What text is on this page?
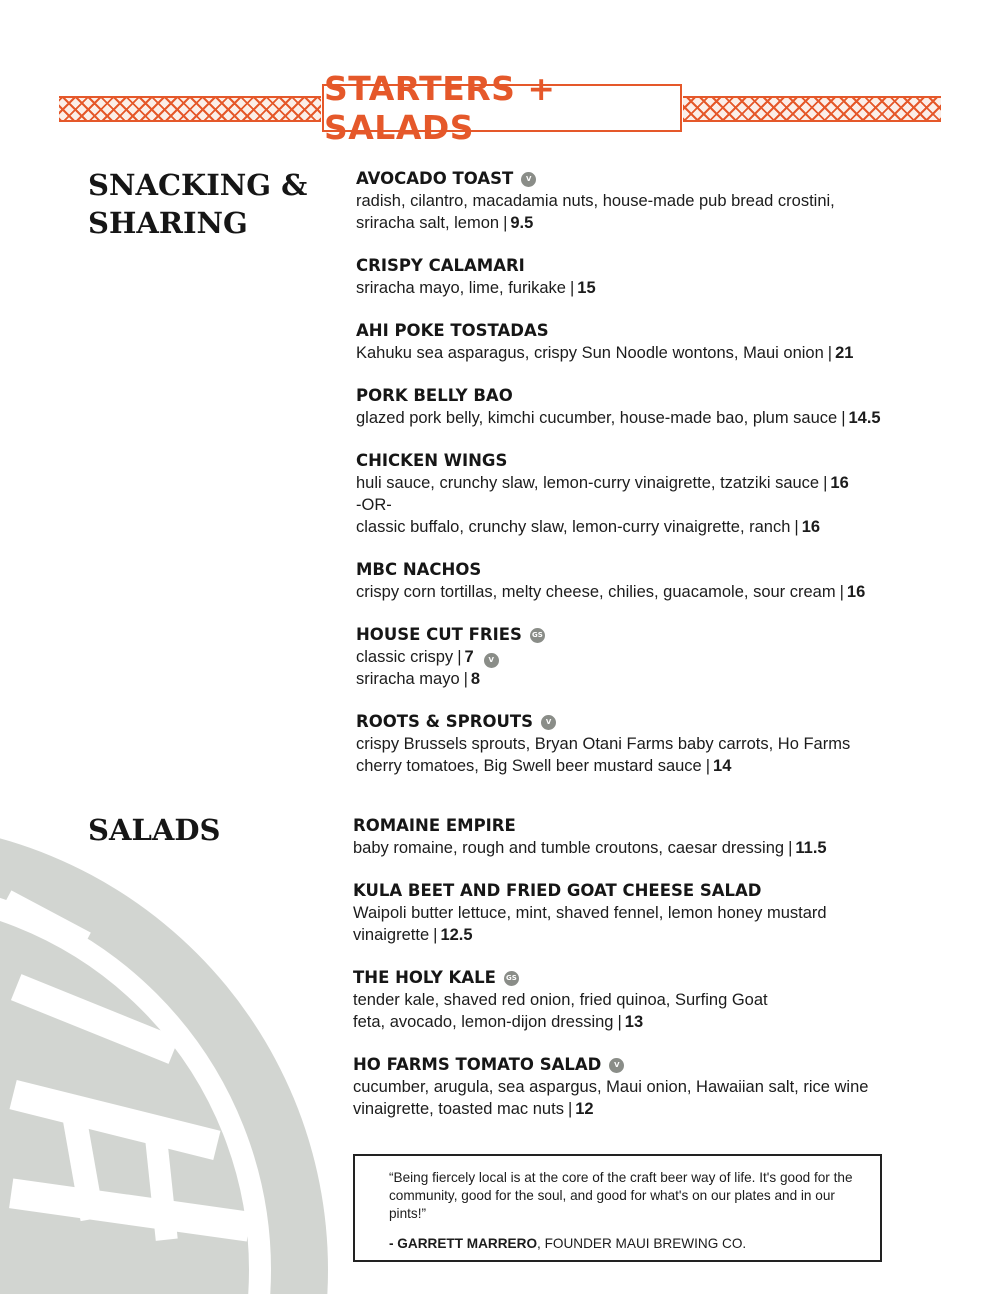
STARTERS + SALADS
SNACKING &
SHARING
AVOCADO TOAST	V
radish, cilantro, macadamia nuts, house-made pub bread crostini,
sriracha salt, lemon | 9.5
CRISPY CALAMARI
sriracha mayo, lime, furikake | 15
AHI POKE TOSTADAS
Kahuku sea asparagus, crispy Sun Noodle wontons, Maui onion | 21
PORK BELLY BAO
glazed pork belly, kimchi cucumber, house-made bao, plum sauce | 14.5
CHICKEN WINGS
huli sauce, crunchy slaw, lemon-curry vinaigrette, tzatziki sauce | 16
-OR-
classic buffalo, crunchy slaw, lemon-curry vinaigrette, ranch | 16
MBC NACHOS
crispy corn tortillas, melty cheese, chilies, guacamole, sour cream | 16
HOUSE CUT FRIES GS
classic crispy | 7 V
sriracha mayo | 8
ROOTS & SPROUTS	V
crispy Brussels sprouts, Bryan Otani Farms baby carrots, Ho Farms
cherry tomatoes, Big Swell beer mustard sauce | 14
SALADS	ROMAINE EMPIRE
baby romaine, rough and tumble croutons, caesar dressing | 11.5
KULA BEET AND FRIED GOAT CHEESE SALAD
Waipoli butter lettuce, mint, shaved fennel, lemon honey mustard
vinaigrette | 12.5
THE HOLY KALE GS
tender kale, shaved red onion, fried quinoa, Surfing Goat
feta, avocado, lemon-dijon dressing | 13
HO FARMS TOMATO SALAD	V
cucumber, arugula, sea aspargus, Maui onion, Hawaiian salt, rice wine
vinaigrette, toasted mac nuts | 12

“Being fiercely local is at the core of the craft beer way of life. It's good for the community, good for the soul, and good for what's on our plates and in our pints!”

- GARRETT MARRERO, FOUNDER MAUI BREWING CO.
